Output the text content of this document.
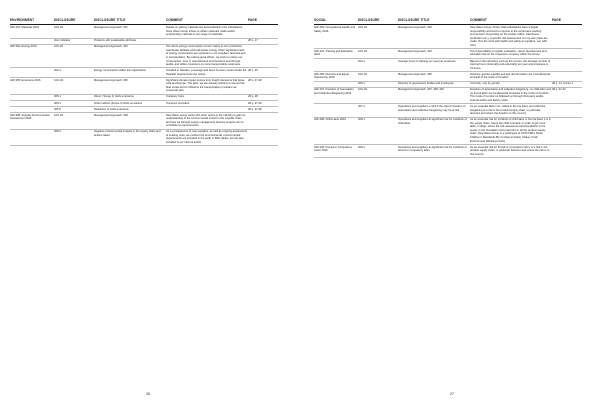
ENVIRONMENT	DISCLOSURE	DISCLOSURE TITLE	COMMENT	PAGE
GRI 301: Materials 2016	103-1/2	Management Approach, 301	Details on getting materials are decentralized in the subsidiaries. Nove Wave Group strives to obtain materials made and/or eco(friendly) materials in our range of materials.	
	Own indicator	Products with sustainable attributes		28 p. 17
GRI 302: Energy 2016	103-1/2	Management Approach, 302	The direct energy consumption occurs mainly in own production, warehouse facilities and real estate energy. Other significant parts of energy consumption are upstream in our suppliers' factories and in transportation. By making great efforts, we work to reduce our consumption, how, in manufactured environments and through audits, and utilize customers on more transportable customers.	
	302-1	Energy consumption within the organization	Included in Sweden, a average and focus by been control under the Swedish requirements the Group.	28 p. 29
GRI 305: Emissions 2016	103-1/2	Management Approach, 305	Significant climate impact comes from freight transports that leave Asia and Europe. The sites, we are actively working to sea and air-fleet routes and to influence the transportation providers we cooperate with.	28 p. 27-28
	305-1	Direct ( Scope 1) GHG emissions	Company Cars	28 p. 28
	305-3	Other indirect (Scope 3) GHG emissions	Transport providers	28 p. 27-28
	305-5	Reduction of GHG emissions		28 p. 27-28
GRI 308: Supplier Environmental Assessment 2016	103-1/2	Management Approach, 308	New Wave Group works with other actors in the industry to gain an understanding of the environmental impact in the supplier chain, and how we through supply management develop projects aim to contribute to improvements.	
	308-2	Negative environmental impacts in the supply chain and actions taken.	As a consequence of new suppliers, as well as ongoing assessment of existing ones, we conduct the environmental, environmental requirements are included in the audit or BSC tables, but are also included in our internal audits.	
26
SOCIAL	DISCLOSURE	DISCLOSURE TITLE	COMMENT	PAGE
GRI 403: Occupational Health and Safety 2016	103-1/2	Management Approach, 403	New Wave Group: All ten shall subsidiaries have a (legal) responsibility and tend to improve to the employees working environment. Depending on the activity (office, warehouse, production etc.), a specific risk assessment is in its own place are made. (For the work with health and safety at suppliers, see GRI 414.)	
GRI 404: Training and Education 2016	103-1/2	Management Approach, 404	The responsibility to regular evaluation, career development and education lies on the respective company within the Group.	
	404-1	Average hours of training per year per employee	Based on the industries such as the current, the average number of training hours (internally and externally) per year and employee is 19 hours.	
GRI 405: Diversity and Equal Opportunity 2016	103-1/2	Management Approach, 405	Diversity, gender equality and anti-discrimination are a fundamental principle of the Code of Conduct.	
	405-1	Diversity of governance bodies and employees	Currently, only by gender	28 p. 13, Annex 1
GRI 407: Freedom of Association and Collective Bargaining 2016	103-1/2	Management Approach, 407, 408, 409	Freedom of association and collective bargaining, no child labor and no forced labor are fundamental principles in the Code of Conduct. The Code of Conduct is followed up through third-party audits, internal audits and factory visits.	28 p. 21-22
	407-1	Operations and suppliers in which the right to freedom of association and collective bargaining may be at risk	As an essential factor not, visited in the Far East, and collective bargaining is a risk in the product supply chain, in particular factories and where the freedom to this country.	
GRI 408: Child Labor 2016	408-1	Operations and suppliers at significant risk for incidents of child labor	As an essential risk for incidents of child labor in the Far East, it is in the supply chain, where the child is limited. In order to get more labor, in large, where the risk assessment and foundation in the sector, in the foundation and protection in all the product supply chain. New Wave Group is a participant of OCR CSR's Stock Children's Standards (By Combat at Cities) (Value) Youth Environment (Working Chain).	
GRI 409: Forced or Compulsory Labor 2016	409-1	Operations and suppliers at significant risk for incidents of forced or compulsory labor	As an essential risk for forced or compulsory labor, is a risk in the product supply chain, in particular factories and where the risk is to this country.	
27
